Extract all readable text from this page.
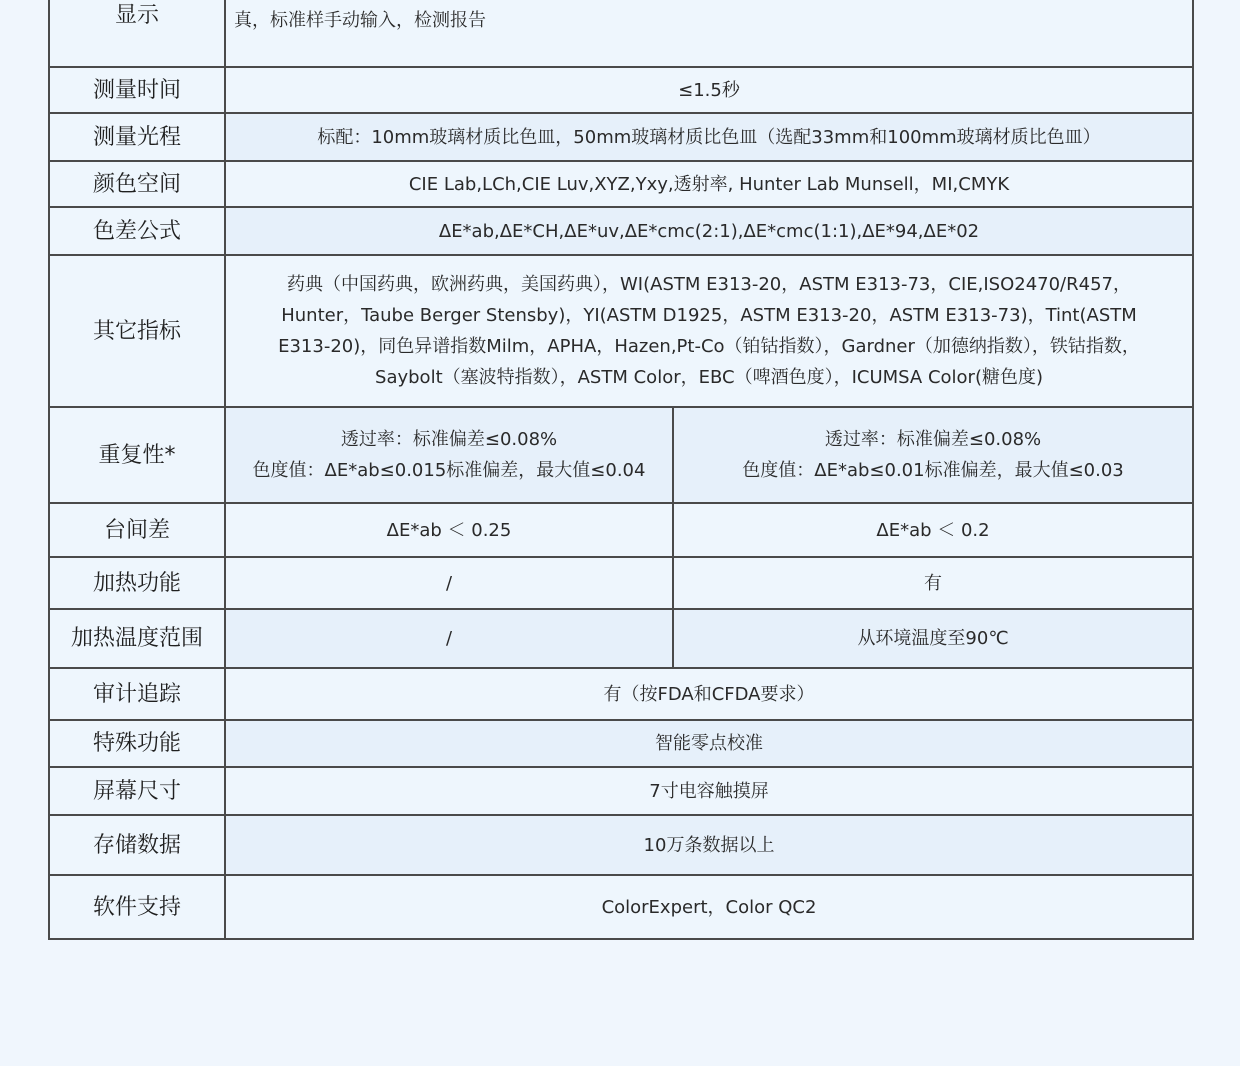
显示	真，标准样手动输入，检测报告	

测量时间	≤1.5秒	
测量光程	标配：10mm玻璃材质比色皿，50mm玻璃材质比色皿（选配33mm和100mm玻璃材质比色皿）	
颜色空间	CIE Lab,LCh,CIE Luv,XYZ,Yxy,透射率, Hunter Lab Munsell，MI,CMYK	
色差公式	ΔE*ab,ΔE*CH,ΔE*uv,ΔE*cmc(2:1),ΔE*cmc(1:1),ΔE*94,ΔE*02	
其它指标	药典（中国药典，欧洲药典，美国药典），WI(ASTM E313-20，ASTM E313-73，CIE,ISO2470/R457，
Hunter，Taube Berger Stensby)，YI(ASTM D1925，ASTM E313-20，ASTM E313-73)，Tint(ASTM
E313-20)，同色异谱指数Milm，APHA，Hazen,Pt-Co（铂钴指数），Gardner（加德纳指数），铁钴指数，
Saybolt（塞波特指数），ASTM Color，EBC（啤酒色度），ICUMSA Color(糖色度)	

重复性*	透过率：标准偏差≤0.08%
色度值：ΔE*ab≤0.015标准偏差，最大值≤0.04	透过率：标准偏差≤0.08%
色度值：ΔE*ab≤0.01标准偏差，最大值≤0.03

台间差	ΔE*ab ＜ 0.25	ΔE*ab ＜ 0.2
加热功能	/	有
加热温度范围	/	从环境温度至90℃
审计追踪	有（按FDA和CFDA要求）	
特殊功能	智能零点校准	
屏幕尺寸	7寸电容触摸屏	
存储数据	10万条数据以上	
软件支持	ColorExpert，Color QC2	
